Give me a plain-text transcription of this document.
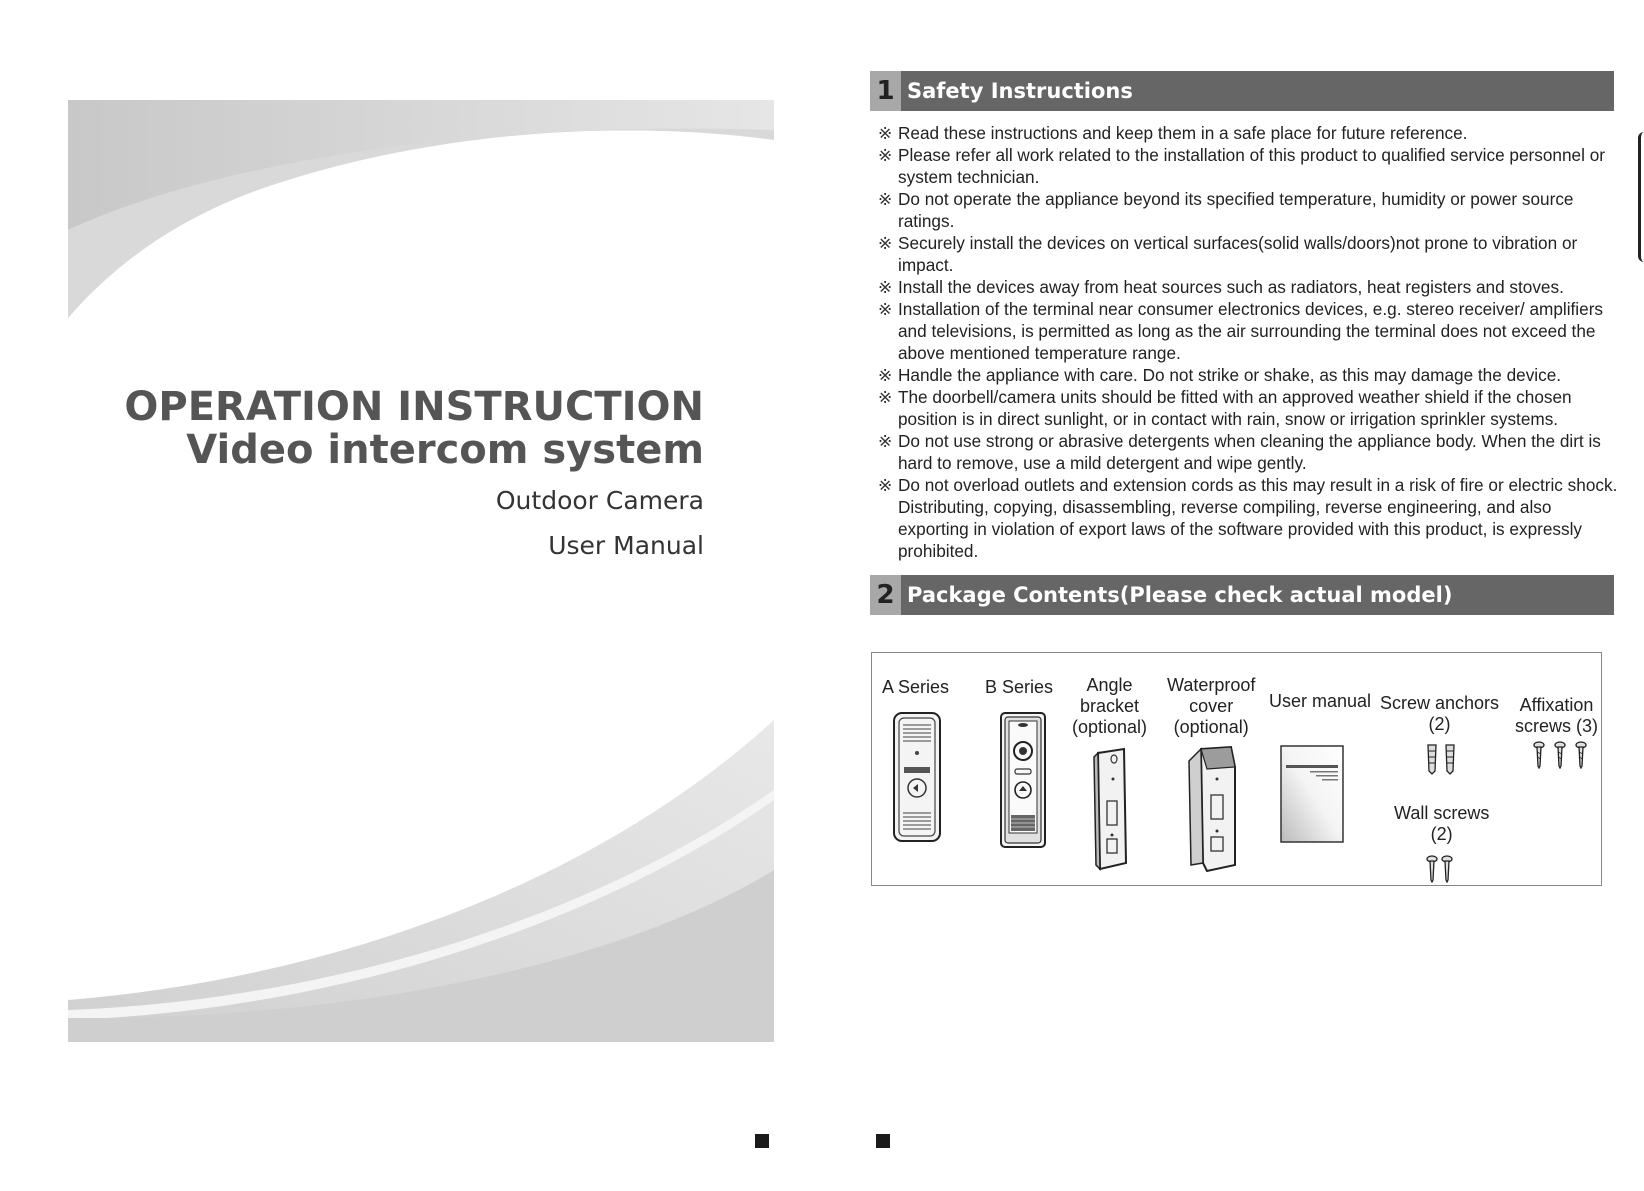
OPERATION INSTRUCTION
Video intercom system
Outdoor Camera
User Manual
1 Safety Instructions
※ Read these instructions and keep them in a safe place for future reference.
※ Please refer all work related to the installation of this product to qualified service personnel or system technician.
※ Do not operate the appliance beyond its specified temperature, humidity or power source ratings.
※ Securely install the devices on vertical surfaces(solid walls/doors)not prone to vibration or impact.
※ Install the devices away from heat sources such as radiators, heat registers and stoves.
※ Installation of the terminal near consumer electronics devices, e.g. stereo receiver/ amplifiers and televisions, is permitted as long as the air surrounding the terminal does not exceed the above mentioned temperature range.
※ Handle the appliance with care. Do not strike or shake, as this may damage the device.
※ The doorbell/camera units should be fitted with an approved weather shield if the chosen position is in direct sunlight, or in contact with rain, snow or irrigation sprinkler systems.
※ Do not use strong or abrasive detergents when cleaning the appliance body. When the dirt is hard to remove, use a mild detergent and wipe gently.
※ Do not overload outlets and extension cords as this may result in a risk of fire or electric shock. Distributing, copying, disassembling, reverse compiling, reverse engineering, and also exporting in violation of export laws of the software provided with this product, is expressly prohibited.
2 Package Contents(Please check actual model)
A Series B Series	Angle
bracket
(optional)
Waterproof
cover
(optional)
User manual Screw anchors
(2)
Affixation
screws (3)
Wall screws
(2)
